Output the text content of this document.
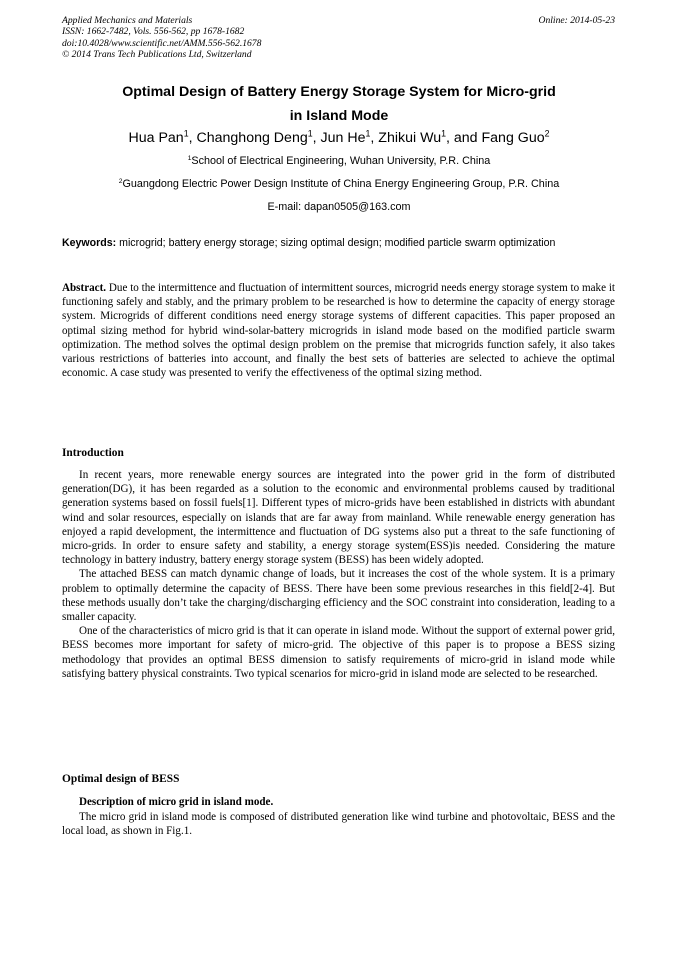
Applied Mechanics and Materials
ISSN: 1662-7482, Vols. 556-562, pp 1678-1682
doi:10.4028/www.scientific.net/AMM.556-562.1678
© 2014 Trans Tech Publications Ltd, Switzerland
Online: 2014-05-23
Optimal Design of Battery Energy Storage System for Micro-grid
in Island Mode
Hua Pan$^1$, Changhong Deng$^1$, Jun He$^1$, Zhikui Wu$^1$, and Fang Guo$^2$
$^1$School of Electrical Engineering, Wuhan University, P.R. China
$^2$Guangdong Electric Power Design Institute of China Energy Engineering Group, P.R. China
E-mail: dapan0505@163.com
Keywords: microgrid; battery energy storage; sizing optimal design; modified particle swarm optimization

Abstract. Due to the intermittence and fluctuation of intermittent sources, microgrid needs energy storage system to make it functioning safely and stably, and the primary problem to be researched is how to determine the capacity of energy storage system. Microgrids of different conditions need energy storage systems of different capacities. This paper proposed an optimal sizing method for hybrid wind-solar-battery microgrids in island mode based on the modified particle swarm optimization. The method solves the optimal design problem on the premise that microgrids function safely, it also takes various restrictions of batteries into account, and finally the best sets of batteries are selected to achieve the optimal economic. A case study was presented to verify the effectiveness of the optimal sizing method.

Introduction

In recent years, more renewable energy sources are integrated into the power grid in the form of distributed generation(DG), it has been regarded as a solution to the economic and environmental problems caused by traditional generation systems based on fossil fuels[1]. Different types of micro-grids have been established in districts with abundant wind and solar resources, especially on islands that are far away from mainland. While renewable energy generation has enjoyed a rapid development, the intermittence and fluctuation of DG systems also put a threat to the safe functioning of micro-grids. In order to ensure safety and stability, a energy storage system(ESS)is needed. Considering the mature technology in battery industry, battery energy storage system (BESS) has been widely adopted.

The attached BESS can match dynamic change of loads, but it increases the cost of the whole system. It is a primary problem to optimally determine the capacity of BESS. There have been some previous researches in this field[2-4]. But these methods usually don’t take the charging/discharging efficiency and the SOC constraint into consideration, leading to a smaller capacity.

One of the characteristics of micro grid is that it can operate in island mode. Without the support of external power grid, BESS becomes more important for safety of micro-grid. The objective of this paper is to propose a BESS sizing methodology that provides an optimal BESS dimension to satisfy requirements of micro-grid in island mode while satisfying battery physical constraints. Two typical scenarios for micro-grid in island mode are selected to be researched.

Optimal design of BESS
Description of micro grid in island mode.

The micro grid in island mode is composed of distributed generation like wind turbine and photovoltaic, BESS and the local load, as shown in Fig.1.
